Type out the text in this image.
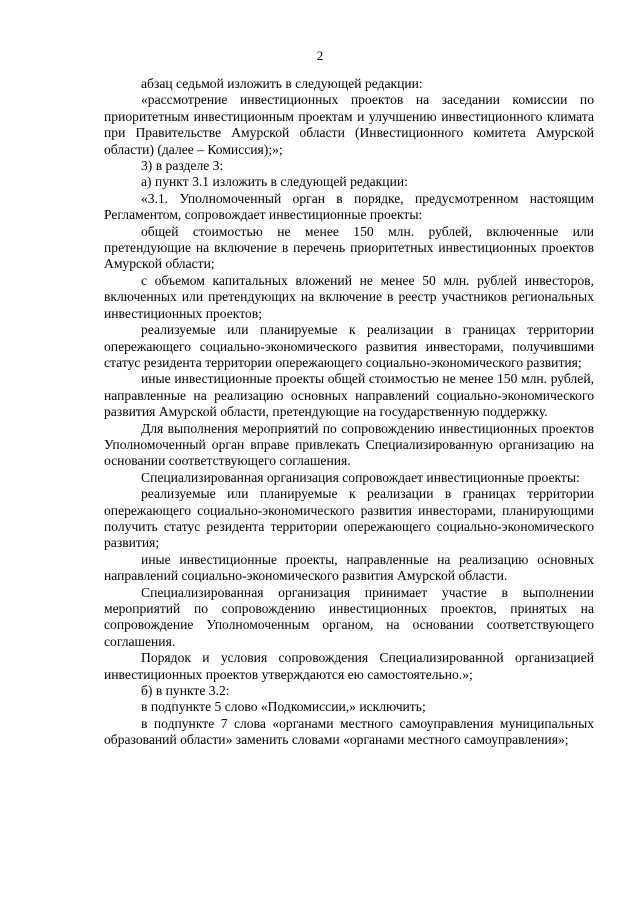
2

абзац седьмой изложить в следующей редакции:

«рассмотрение инвестиционных проектов на заседании комиссии по приоритетным инвестиционным проектам и улучшению инвестиционного климата при Правительстве Амурской области (Инвестиционного комитета Амурской области) (далее – Комиссия);»;

3) в разделе 3:

а) пункт 3.1 изложить в следующей редакции:

«3.1. Уполномоченный орган в порядке, предусмотренном настоящим Регламентом, сопровождает инвестиционные проекты:

общей стоимостью не менее 150 млн. рублей, включенные или претендующие на включение в перечень приоритетных инвестиционных проектов Амурской области;

с объемом капитальных вложений не менее 50 млн. рублей инвесторов, включенных или претендующих на включение в реестр участников региональных инвестиционных проектов;

реализуемые или планируемые к реализации в границах территории опережающего социально-экономического развития инвесторами, получившими статус резидента территории опережающего социально-экономического развития;

иные инвестиционные проекты общей стоимостью не менее 150 млн. рублей, направленные на реализацию основных направлений социально-экономического развития Амурской области, претендующие на государственную поддержку.

Для выполнения мероприятий по сопровождению инвестиционных проектов Уполномоченный орган вправе привлекать Специализированную организацию на основании соответствующего соглашения.

Специализированная организация сопровождает инвестиционные проекты:

реализуемые или планируемые к реализации в границах территории опережающего социально-экономического развития инвесторами, планирующими получить статус резидента территории опережающего социально-экономического развития;

иные инвестиционные проекты, направленные на реализацию основных направлений социально-экономического развития Амурской области.

Специализированная организация принимает участие в выполнении мероприятий по сопровождению инвестиционных проектов, принятых на сопровождение Уполномоченным органом, на основании соответствующего соглашения.

Порядок и условия сопровождения Специализированной организацией инвестиционных проектов утверждаются ею самостоятельно.»;

б) в пункте 3.2:

в подпункте 5 слово «Подкомиссии,» исключить;

в подпункте 7 слова «органами местного самоуправления муниципальных образований области» заменить словами «органами местного самоуправления»;
